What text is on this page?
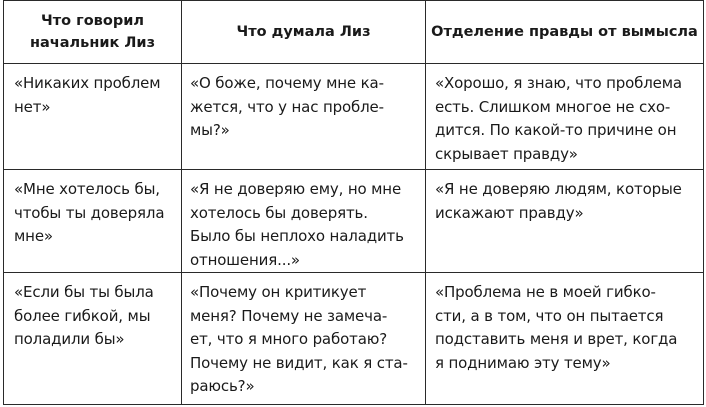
Что говорил начальник Лиз	Что думала Лиз	Отделение правды от вымысла

«Никаких проблем
нет»	«О боже, почему мне ка-
жется, что у нас пробле-
мы?»	«Хорошо, я знаю, что проблема
есть. Слишком многое не схо-
дится. По какой-то причине он
скрывает правду»

«Мне хотелось бы,
чтобы ты доверяла
мне»	«Я не доверяю ему, но мне
хотелось бы доверять.
Было бы неплохо наладить
отношения...»	«Я не доверяю людям, которые
искажают правду»

«Если бы ты была
более гибкой, мы
поладили бы»	«Почему он критикует
меня? Почему не замеча-
ет, что я много работаю?
Почему не видит, как я ста-
раюсь?»	«Проблема не в моей гибко-
сти, а в том, что он пытается
подставить меня и врет, когда
я поднимаю эту тему»
